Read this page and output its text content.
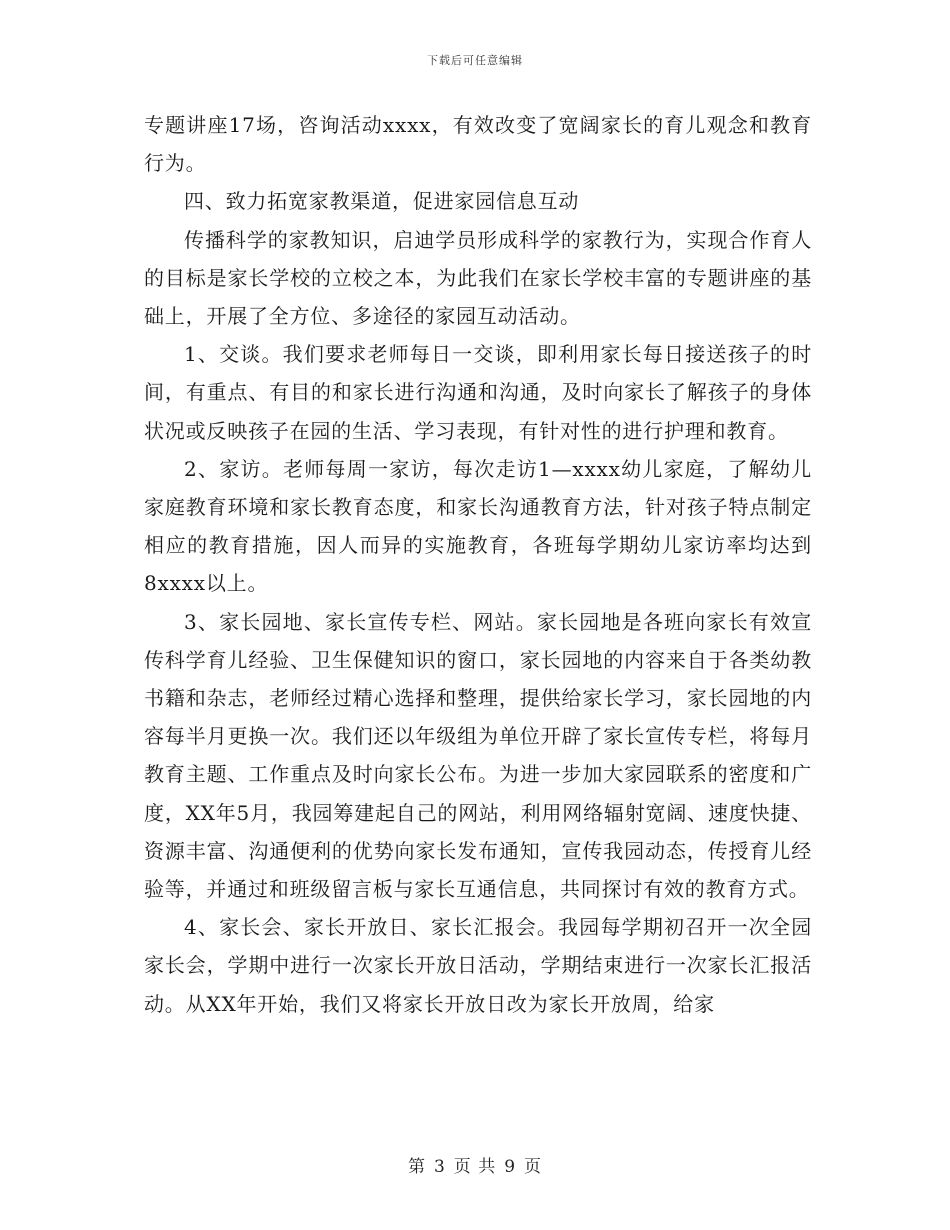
下载后可任意编辑

专题讲座17场，咨询活动xxxx，有效改变了宽阔家长的育儿观念和教育行为。

四、致力拓宽家教渠道，促进家园信息互动

传播科学的家教知识，启迪学员形成科学的家教行为，实现合作育人的目标是家长学校的立校之本，为此我们在家长学校丰富的专题讲座的基础上，开展了全方位、多途径的家园互动活动。

1、交谈。我们要求老师每日一交谈，即利用家长每日接送孩子的时间，有重点、有目的和家长进行沟通和沟通，及时向家长了解孩子的身体状况或反映孩子在园的生活、学习表现，有针对性的进行护理和教育。

2、家访。老师每周一家访，每次走访1—xxxx幼儿家庭，了解幼儿家庭教育环境和家长教育态度，和家长沟通教育方法，针对孩子特点制定相应的教育措施，因人而异的实施教育，各班每学期幼儿家访率均达到8xxxx以上。

3、家长园地、家长宣传专栏、网站。家长园地是各班向家长有效宣传科学育儿经验、卫生保健知识的窗口，家长园地的内容来自于各类幼教书籍和杂志，老师经过精心选择和整理，提供给家长学习，家长园地的内容每半月更换一次。我们还以年级组为单位开辟了家长宣传专栏，将每月教育主题、工作重点及时向家长公布。为进一步加大家园联系的密度和广度，XX年5月，我园筹建起自己的网站，利用网络辐射宽阔、速度快捷、资源丰富、沟通便利的优势向家长发布通知，宣传我园动态，传授育儿经验等，并通过和班级留言板与家长互通信息，共同探讨有效的教育方式。

4、家长会、家长开放日、家长汇报会。我园每学期初召开一次全园家长会，学期中进行一次家长开放日活动，学期结束进行一次家长汇报活动。从XX年开始，我们又将家长开放日改为家长开放周，给家

第 3 页 共 9 页
